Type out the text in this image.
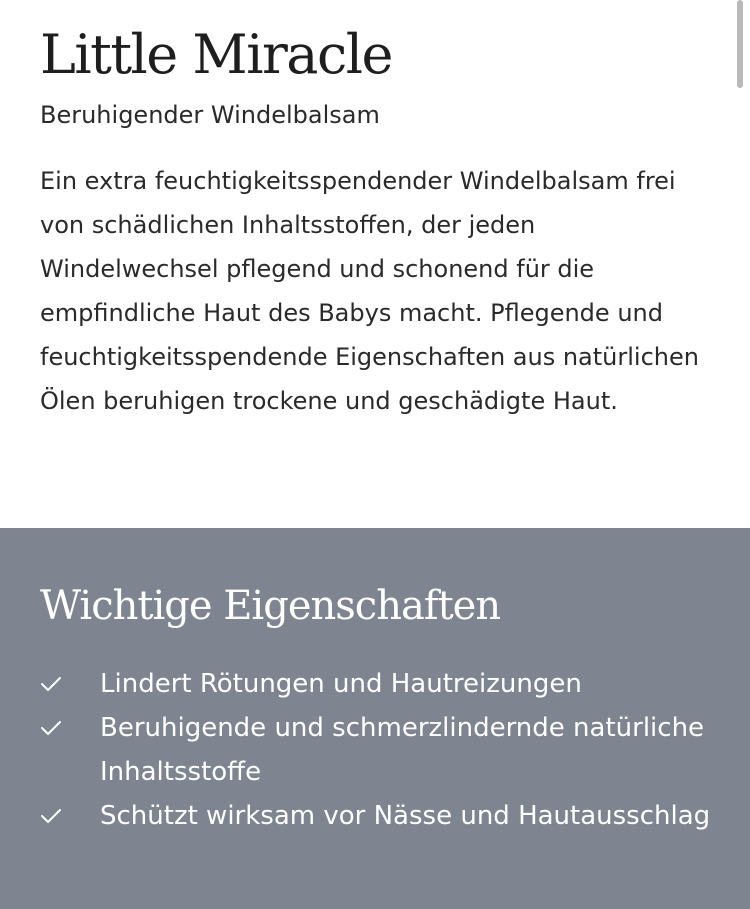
Little Miracle

Beruhigender Windelbalsam

Ein extra feuchtigkeitsspendender Windelbalsam frei von schädlichen Inhaltsstoffen, der jeden Windelwechsel pflegend und schonend für die empfindliche Haut des Babys macht. Pflegende und feuchtigkeitsspendende Eigenschaften aus natürlichen Ölen beruhigen trockene und geschädigte Haut.

Wichtige Eigenschaften
Lindert Rötungen und Hautreizungen
Beruhigende und schmerzlindernde natürliche Inhaltsstoffe
Schützt wirksam vor Nässe und Hautausschlag
